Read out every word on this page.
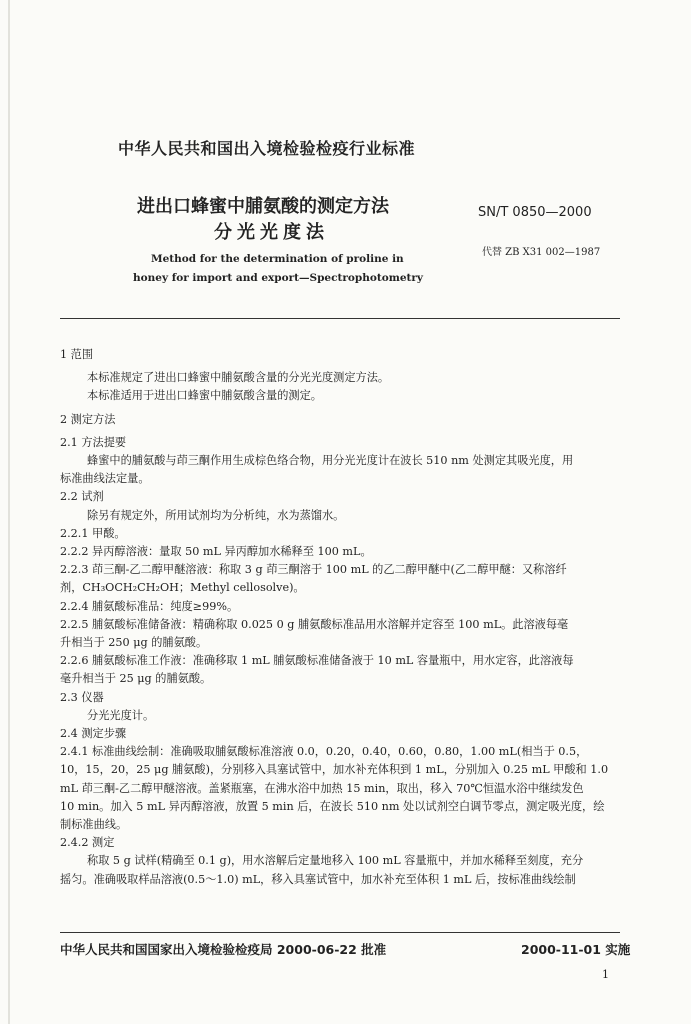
中华人民共和国出入境检验检疫行业标准
进出口蜂蜜中脯氨酸的测定方法
分光光度法
SN/T 0850—2000
代替 ZB X31 002—1987
Method for the determination of proline in
honey for import and export—Spectrophotometry

1 范围

本标准规定了进出口蜂蜜中脯氨酸含量的分光光度测定方法。

本标准适用于进出口蜂蜜中脯氨酸含量的测定。

2 测定方法

2.1 方法提要

蜂蜜中的脯氨酸与茚三酮作用生成棕色络合物，用分光光度计在波长 510 nm 处测定其吸光度，用

标准曲线法定量。

2.2 试剂

除另有规定外，所用试剂均为分析纯，水为蒸馏水。

2.2.1 甲酸。

2.2.2 异丙醇溶液：量取 50 mL 异丙醇加水稀释至 100 mL。

2.2.3 茚三酮-乙二醇甲醚溶液：称取 3 g 茚三酮溶于 100 mL 的乙二醇甲醚中(乙二醇甲醚：又称溶纤

剂，CH₃OCH₂CH₂OH；Methyl cellosolve)。

2.2.4 脯氨酸标准品：纯度≥99%。

2.2.5 脯氨酸标准储备液：精确称取 0.025 0 g 脯氨酸标准品用水溶解并定容至 100 mL。此溶液每毫

升相当于 250 μg 的脯氨酸。

2.2.6 脯氨酸标准工作液：准确移取 1 mL 脯氨酸标准储备液于 10 mL 容量瓶中，用水定容，此溶液每

毫升相当于 25 μg 的脯氨酸。

2.3 仪器

分光光度计。

2.4 测定步骤

2.4.1 标准曲线绘制：准确吸取脯氨酸标准溶液 0.0，0.20，0.40，0.60，0.80，1.00 mL(相当于 0.5，

10，15，20，25 μg 脯氨酸)，分别移入具塞试管中，加水补充体积到 1 mL，分别加入 0.25 mL 甲酸和 1.0

mL 茚三酮-乙二醇甲醚溶液。盖紧瓶塞，在沸水浴中加热 15 min，取出，移入 70℃恒温水浴中继续发色

10 min。加入 5 mL 异丙醇溶液，放置 5 min 后，在波长 510 nm 处以试剂空白调节零点，测定吸光度，绘

制标准曲线。

2.4.2 测定

称取 5 g 试样(精确至 0.1 g)，用水溶解后定量地移入 100 mL 容量瓶中，并加水稀释至刻度，充分

摇匀。准确吸取样品溶液(0.5～1.0) mL，移入具塞试管中，加水补充至体积 1 mL 后，按标准曲线绘制

中华人民共和国国家出入境检验检疫局 2000-06-22 批准	2000-11-01 实施
1
